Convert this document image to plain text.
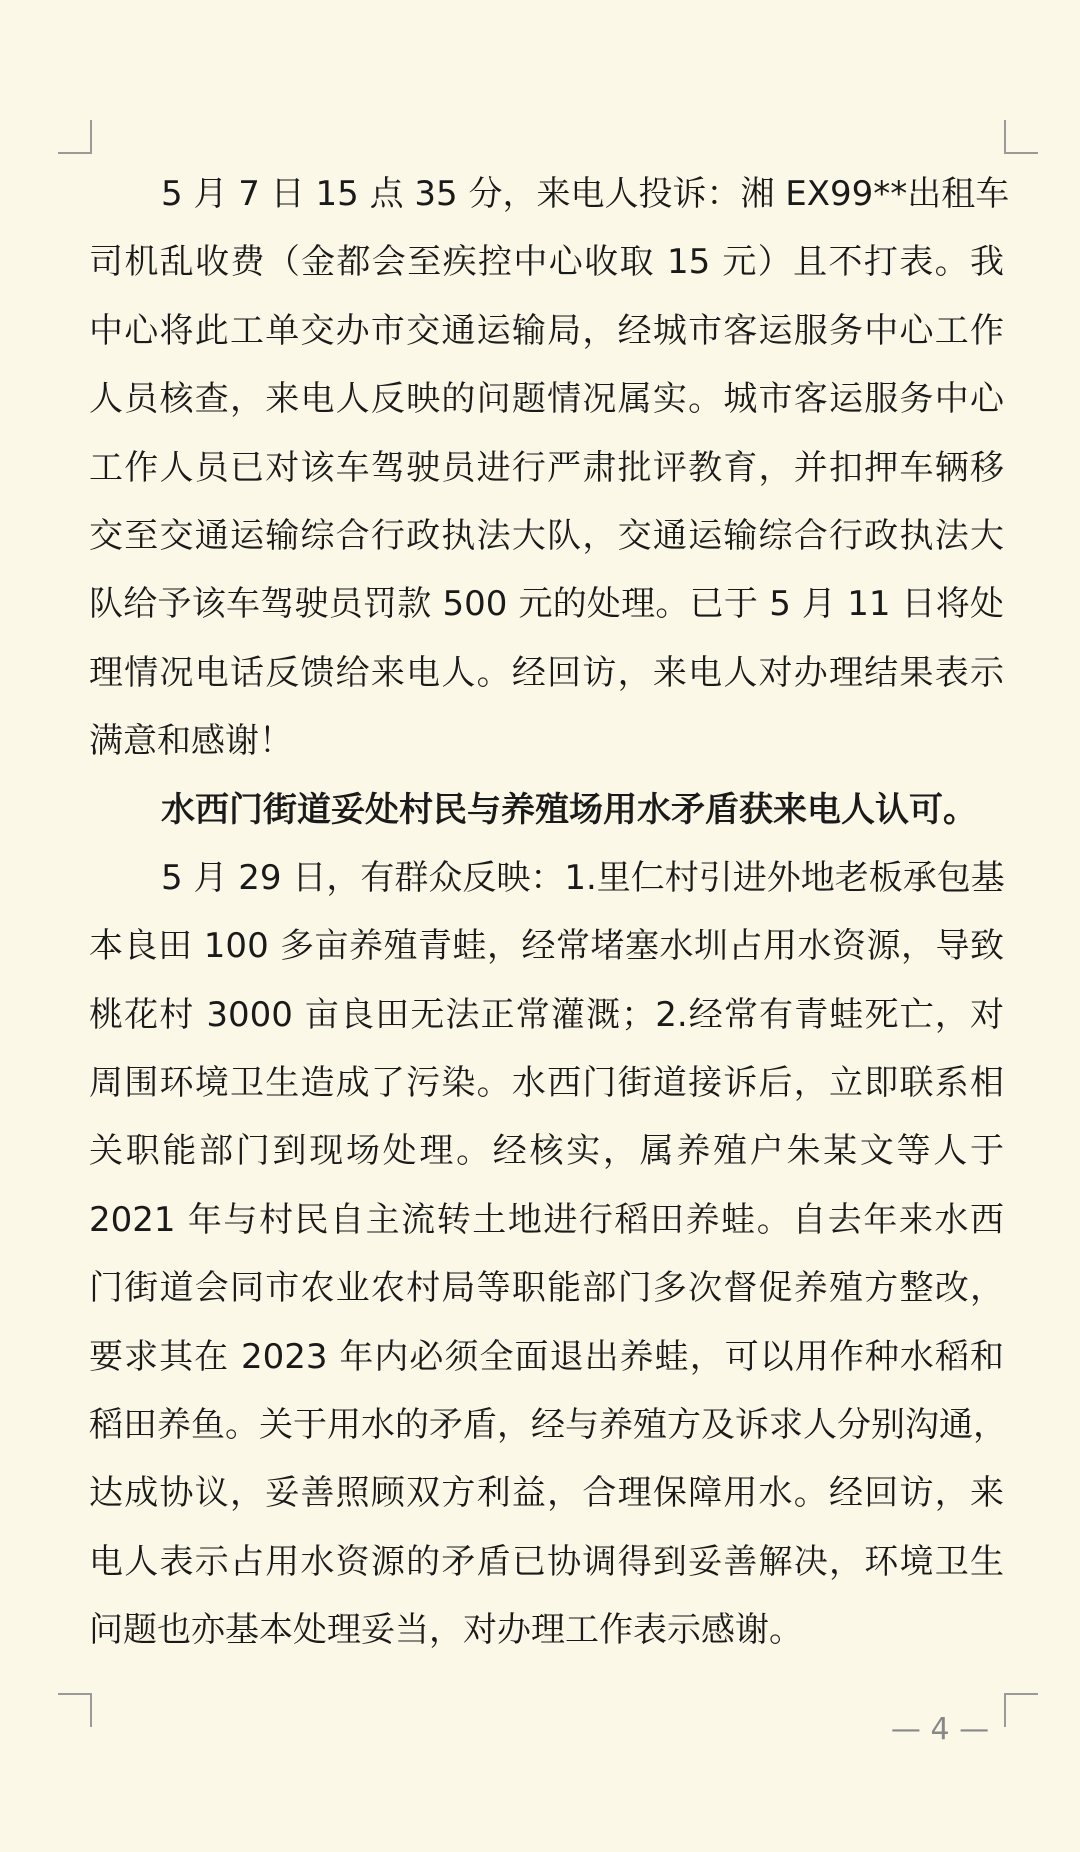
5 月 7 日 15 点 35 分，来电人投诉：湘 EX99**出租车
司机乱收费（金都会至疾控中心收取 15 元）且不打表。我
中心将此工单交办市交通运输局，经城市客运服务中心工作
人员核查，来电人反映的问题情况属实。城市客运服务中心
工作人员已对该车驾驶员进行严肃批评教育，并扣押车辆移
交至交通运输综合行政执法大队，交通运输综合行政执法大
队给予该车驾驶员罚款 500 元的处理。已于 5 月 11 日将处
理情况电话反馈给来电人。经回访，来电人对办理结果表示
满意和感谢！
水西门街道妥处村民与养殖场用水矛盾获来电人认可。
5 月 29 日，有群众反映：1.里仁村引进外地老板承包基
本良田 100 多亩养殖青蛙，经常堵塞水圳占用水资源，导致
桃花村 3000 亩良田无法正常灌溉；2.经常有青蛙死亡，对
周围环境卫生造成了污染。水西门街道接诉后，立即联系相
关职能部门到现场处理。经核实，属养殖户朱某文等人于
2021 年与村民自主流转土地进行稻田养蛙。自去年来水西
门街道会同市农业农村局等职能部门多次督促养殖方整改，
要求其在 2023 年内必须全面退出养蛙，可以用作种水稻和
稻田养鱼。关于用水的矛盾，经与养殖方及诉求人分别沟通，
达成协议，妥善照顾双方利益，合理保障用水。经回访，来
电人表示占用水资源的矛盾已协调得到妥善解决，环境卫生
问题也亦基本处理妥当，对办理工作表示感谢。
— 4 —
